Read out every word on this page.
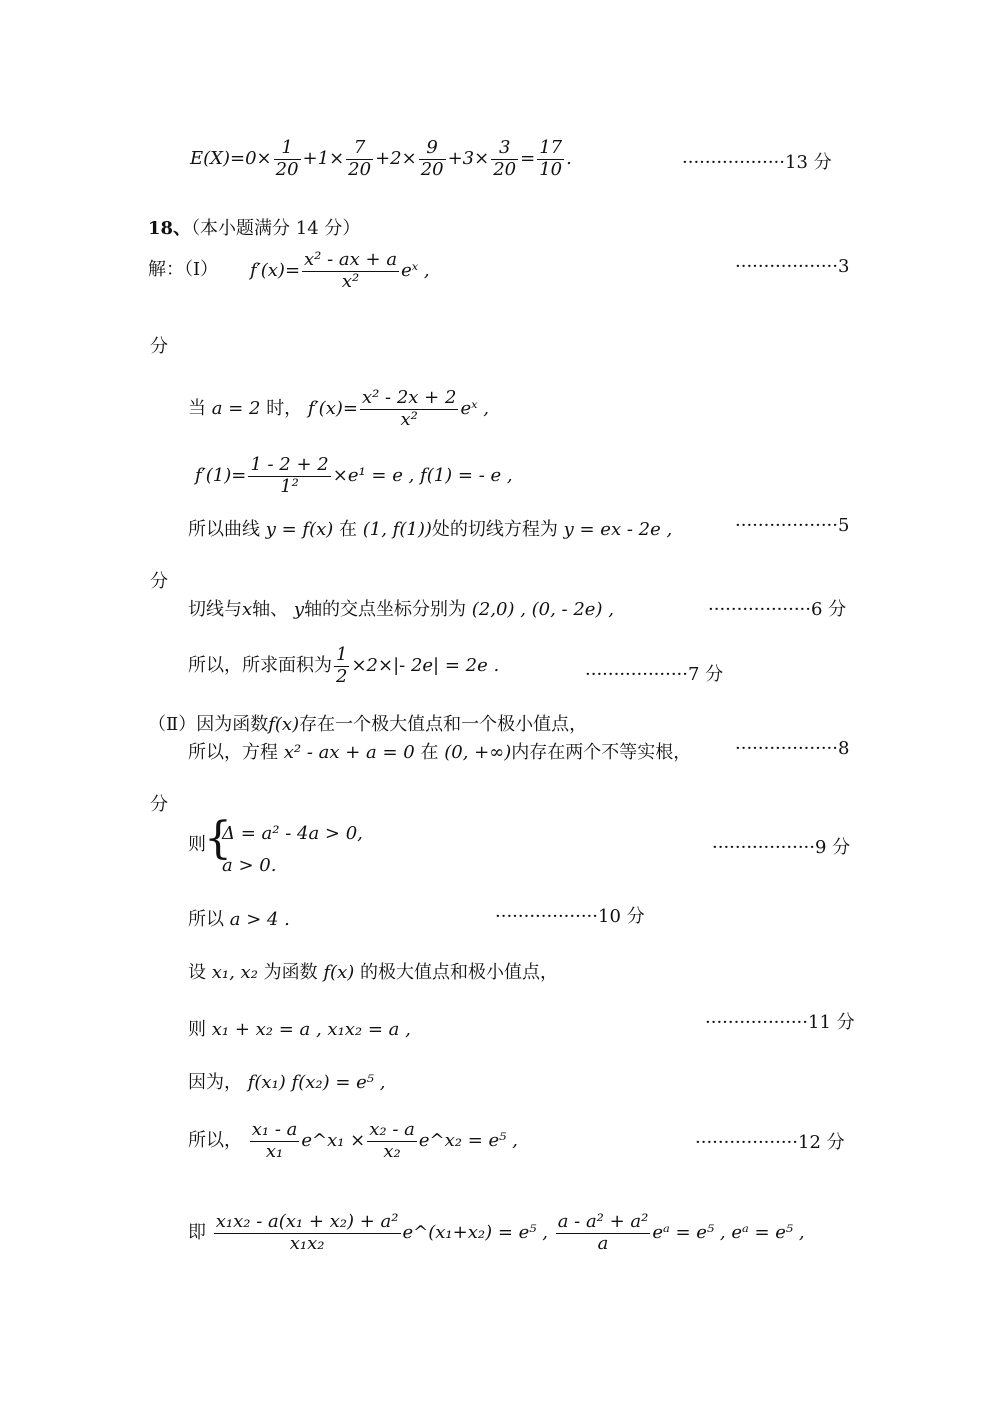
$E(X)=0\times \frac{1}{20} +1\times \frac{7}{20} +2\times \frac{9}{20} +3\times \frac{3}{20} = \frac{17}{10}$ .	··················13 分
18、（本小题满分 14 分）
解：（Ⅰ） $f'(x)= \frac{\text{x² - ax + a}}{\text{x²}}$ eˣ ,	··················3
分
当 a = 2 时， $f'(x)= \frac{\text{x² - 2x + 2}}{\text{x²}}$ eˣ ,
$f'(1)= \frac{1 - 2 + 2}{\text{1²}} \times e^1 = e$ , f(1) = - e ,
所以曲线 y = f(x) 在 (1, f(1))处的切线方程为 y = ex - 2e ,	··················5
分
切线与x轴、 y轴的交点坐标分别为 (2,0) , (0, - 2e) ,	··················6 分
所以，所求面积为 $\frac{1}{2} \times 2\times|-$ 2e| = 2e .	··················7 分
（Ⅱ）因为函数f(x)存在一个极大值点和一个极小值点，
所以，方程 x² - ax + a = 0 在 (0, +∞)内存在两个不等实根， ··················8
分
则
{
Δ = a² - 4a > 0,
a > 0.
··················9 分
所以 a > 4 .	··················10 分
设 x₁, x₂ 为函数 f(x) 的极大值点和极小值点，
则 x₁ + x₂ = a , x₁x₂ = a ,	··················11 分
因为， f(x₁) f(x₂) = e⁵ ,
所以， $\frac{\text{x₁ - a}}{\text{x₁}}$ e^x₁ × $\frac{\text{x₂ - a}}{\text{x₂}}$ e^x₂ = e⁵ ,	··················12 分
即 $\frac{\text{x₁x₂ - a(x₁ + x₂) + a²}}{\text{x₁x₂}}$ e^(x₁+x₂) = e⁵ , $\frac{\text{a - a² + a²}}{a}$ eᵃ = e⁵ , eᵃ = e⁵ ,
